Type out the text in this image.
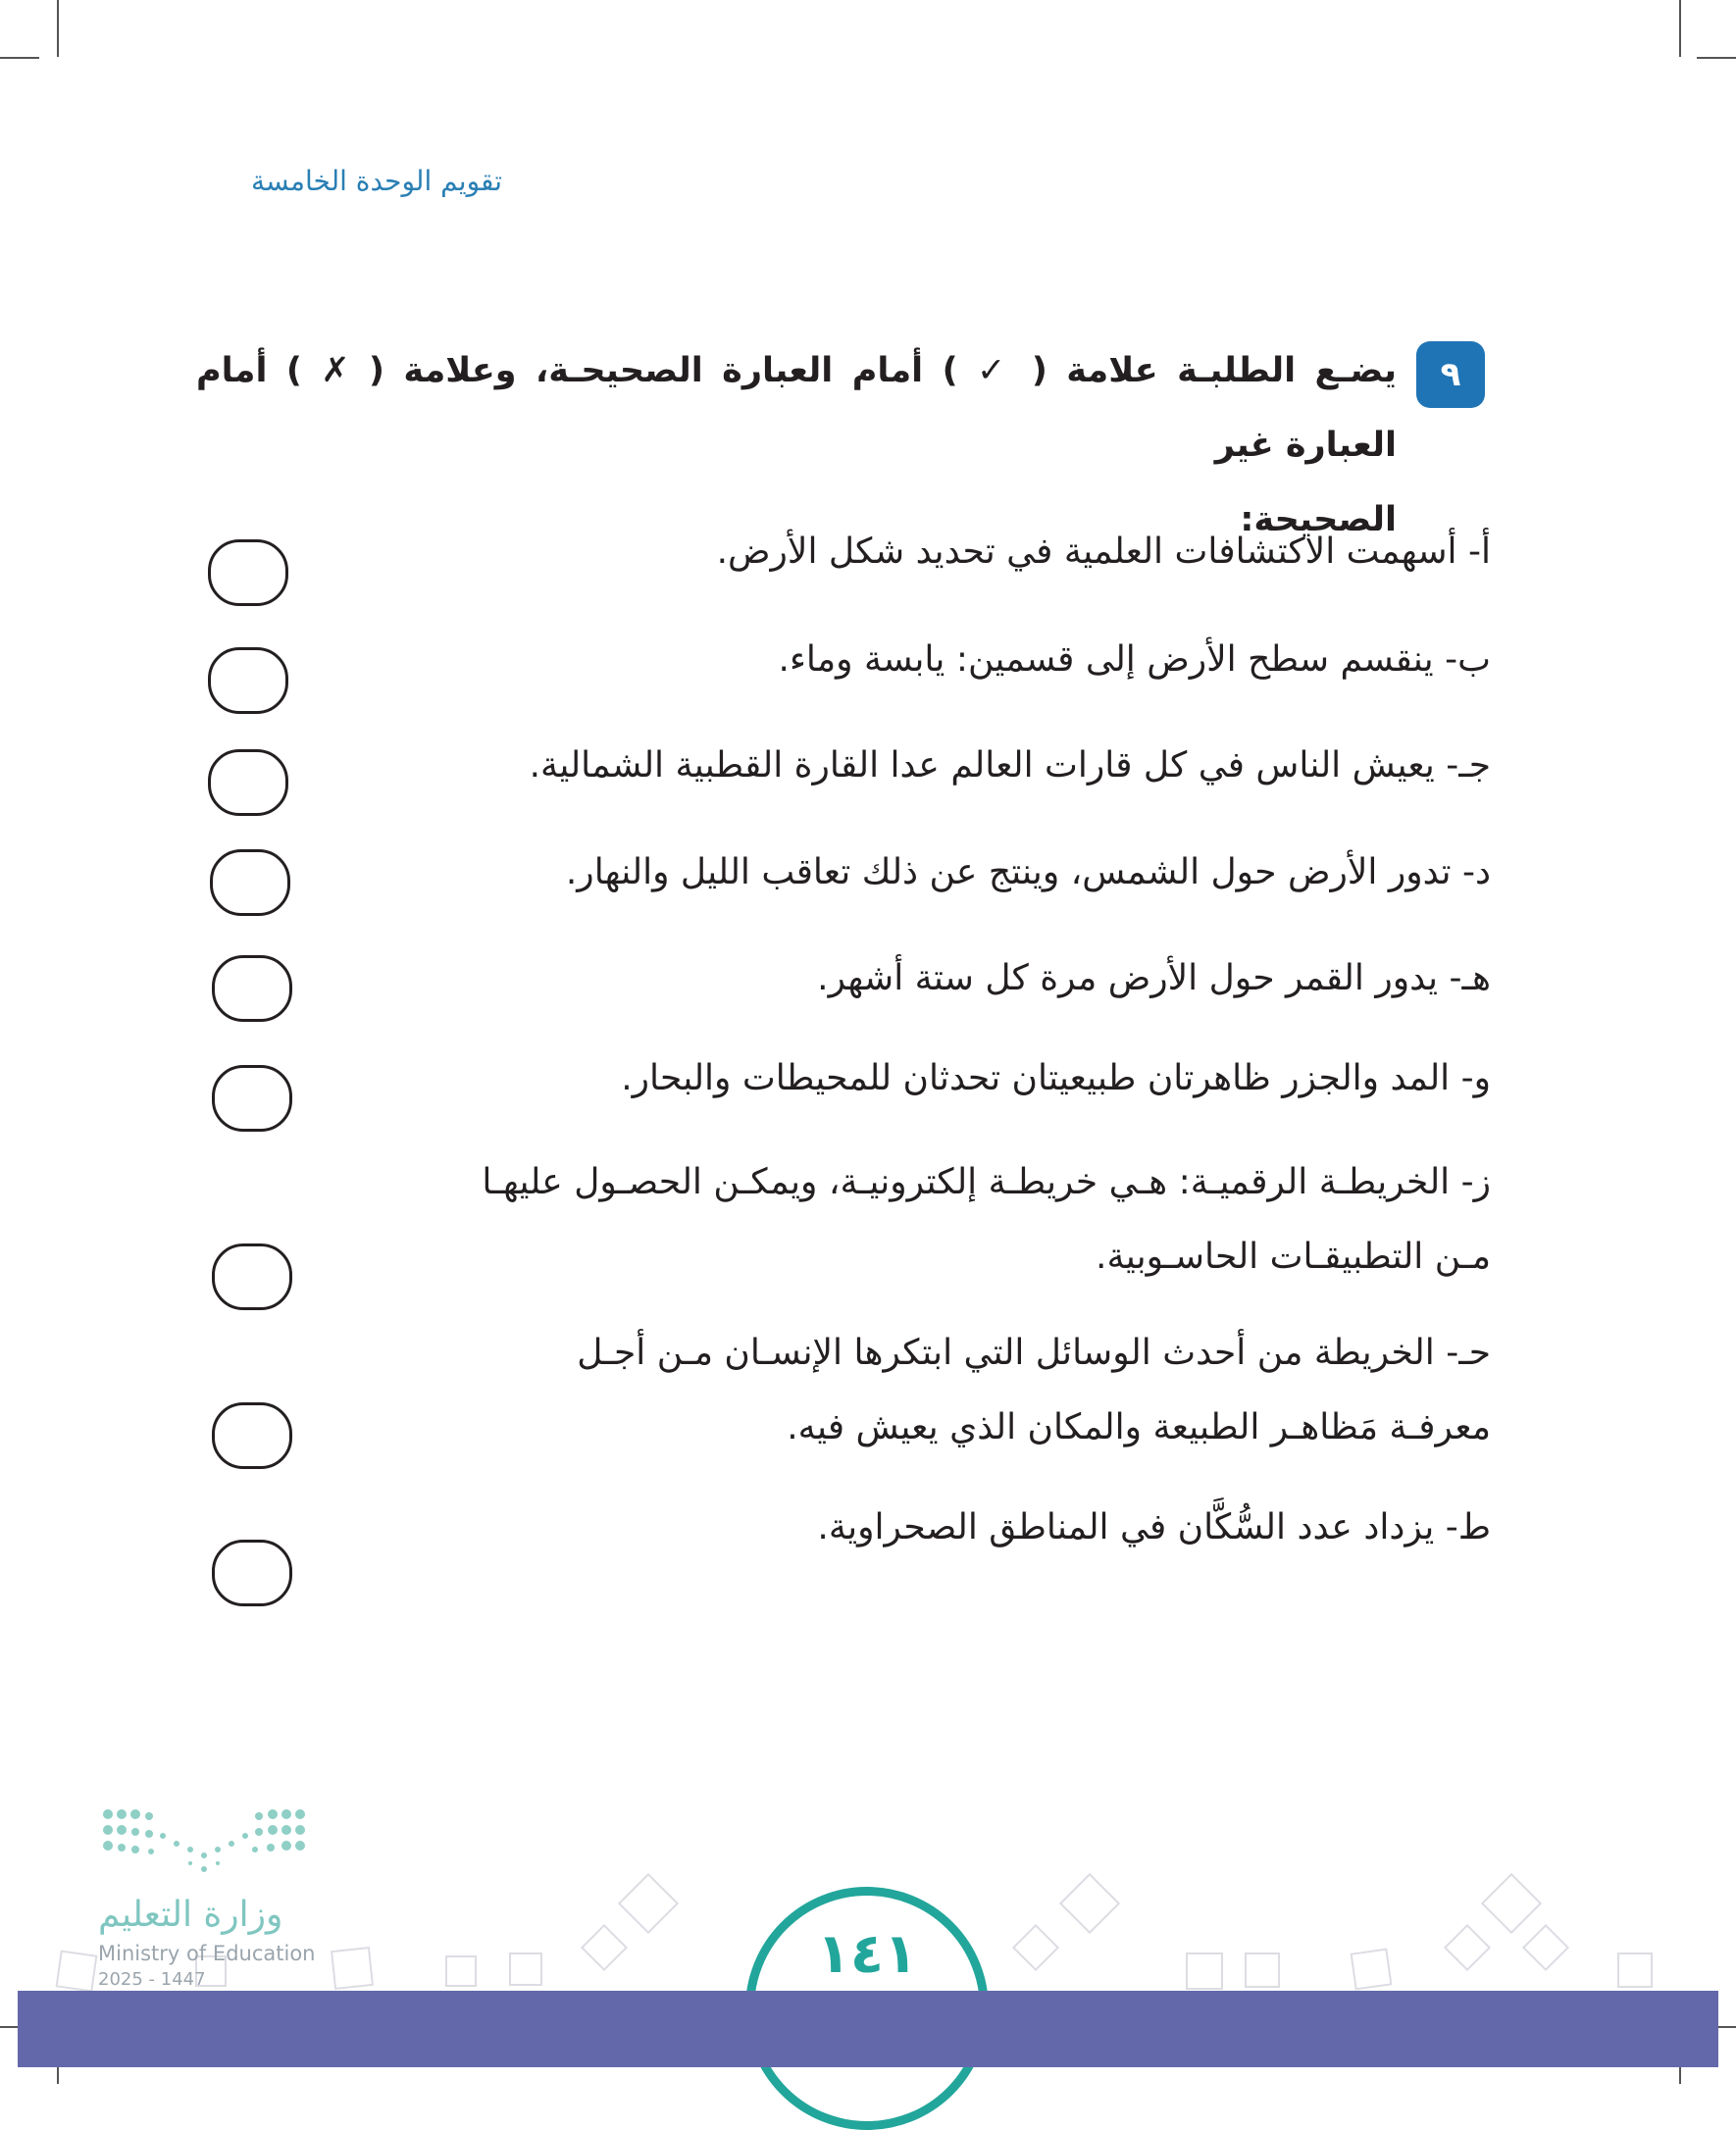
تقويم الوحدة الخامسة
٩
يضـع الطلبـة علامة ( ✓ ) أمام العبارة الصحيحـة، وعلامة ( ✗ ) أمام العبارة غير
الصحيحة:
أ- أسهمت الاكتشافات العلمية في تحديد شكل الأرض.
ب- ينقسم سطح الأرض إلى قسمين: يابسة وماء.
جـ- يعيش الناس في كل قارات العالم عدا القارة القطبية الشمالية.
د- تدور الأرض حول الشمس، وينتج عن ذلك تعاقب الليل والنهار.
هـ- يدور القمر حول الأرض مرة كل ستة أشهر.
و- المد والجزر ظاهرتان طبيعيتان تحدثان للمحيطات والبحار.
ز- الخريطـة الرقميـة: هـي خريطـة إلكترونيـة، ويمكـن الحصـول عليهـا
مـن التطبيقـات الحاسـوبية.
حـ- الخريطة من أحدث الوسائل التي ابتكرها الإنسـان مـن أجـل
معرفـة مَظاهـر الطبيعة والمكان الذي يعيش فيه.
ط- يزداد عدد السُّكَّان في المناطق الصحراوية.
وزارة التعليم
Ministry of Education
2025 - 1447	١٤١
